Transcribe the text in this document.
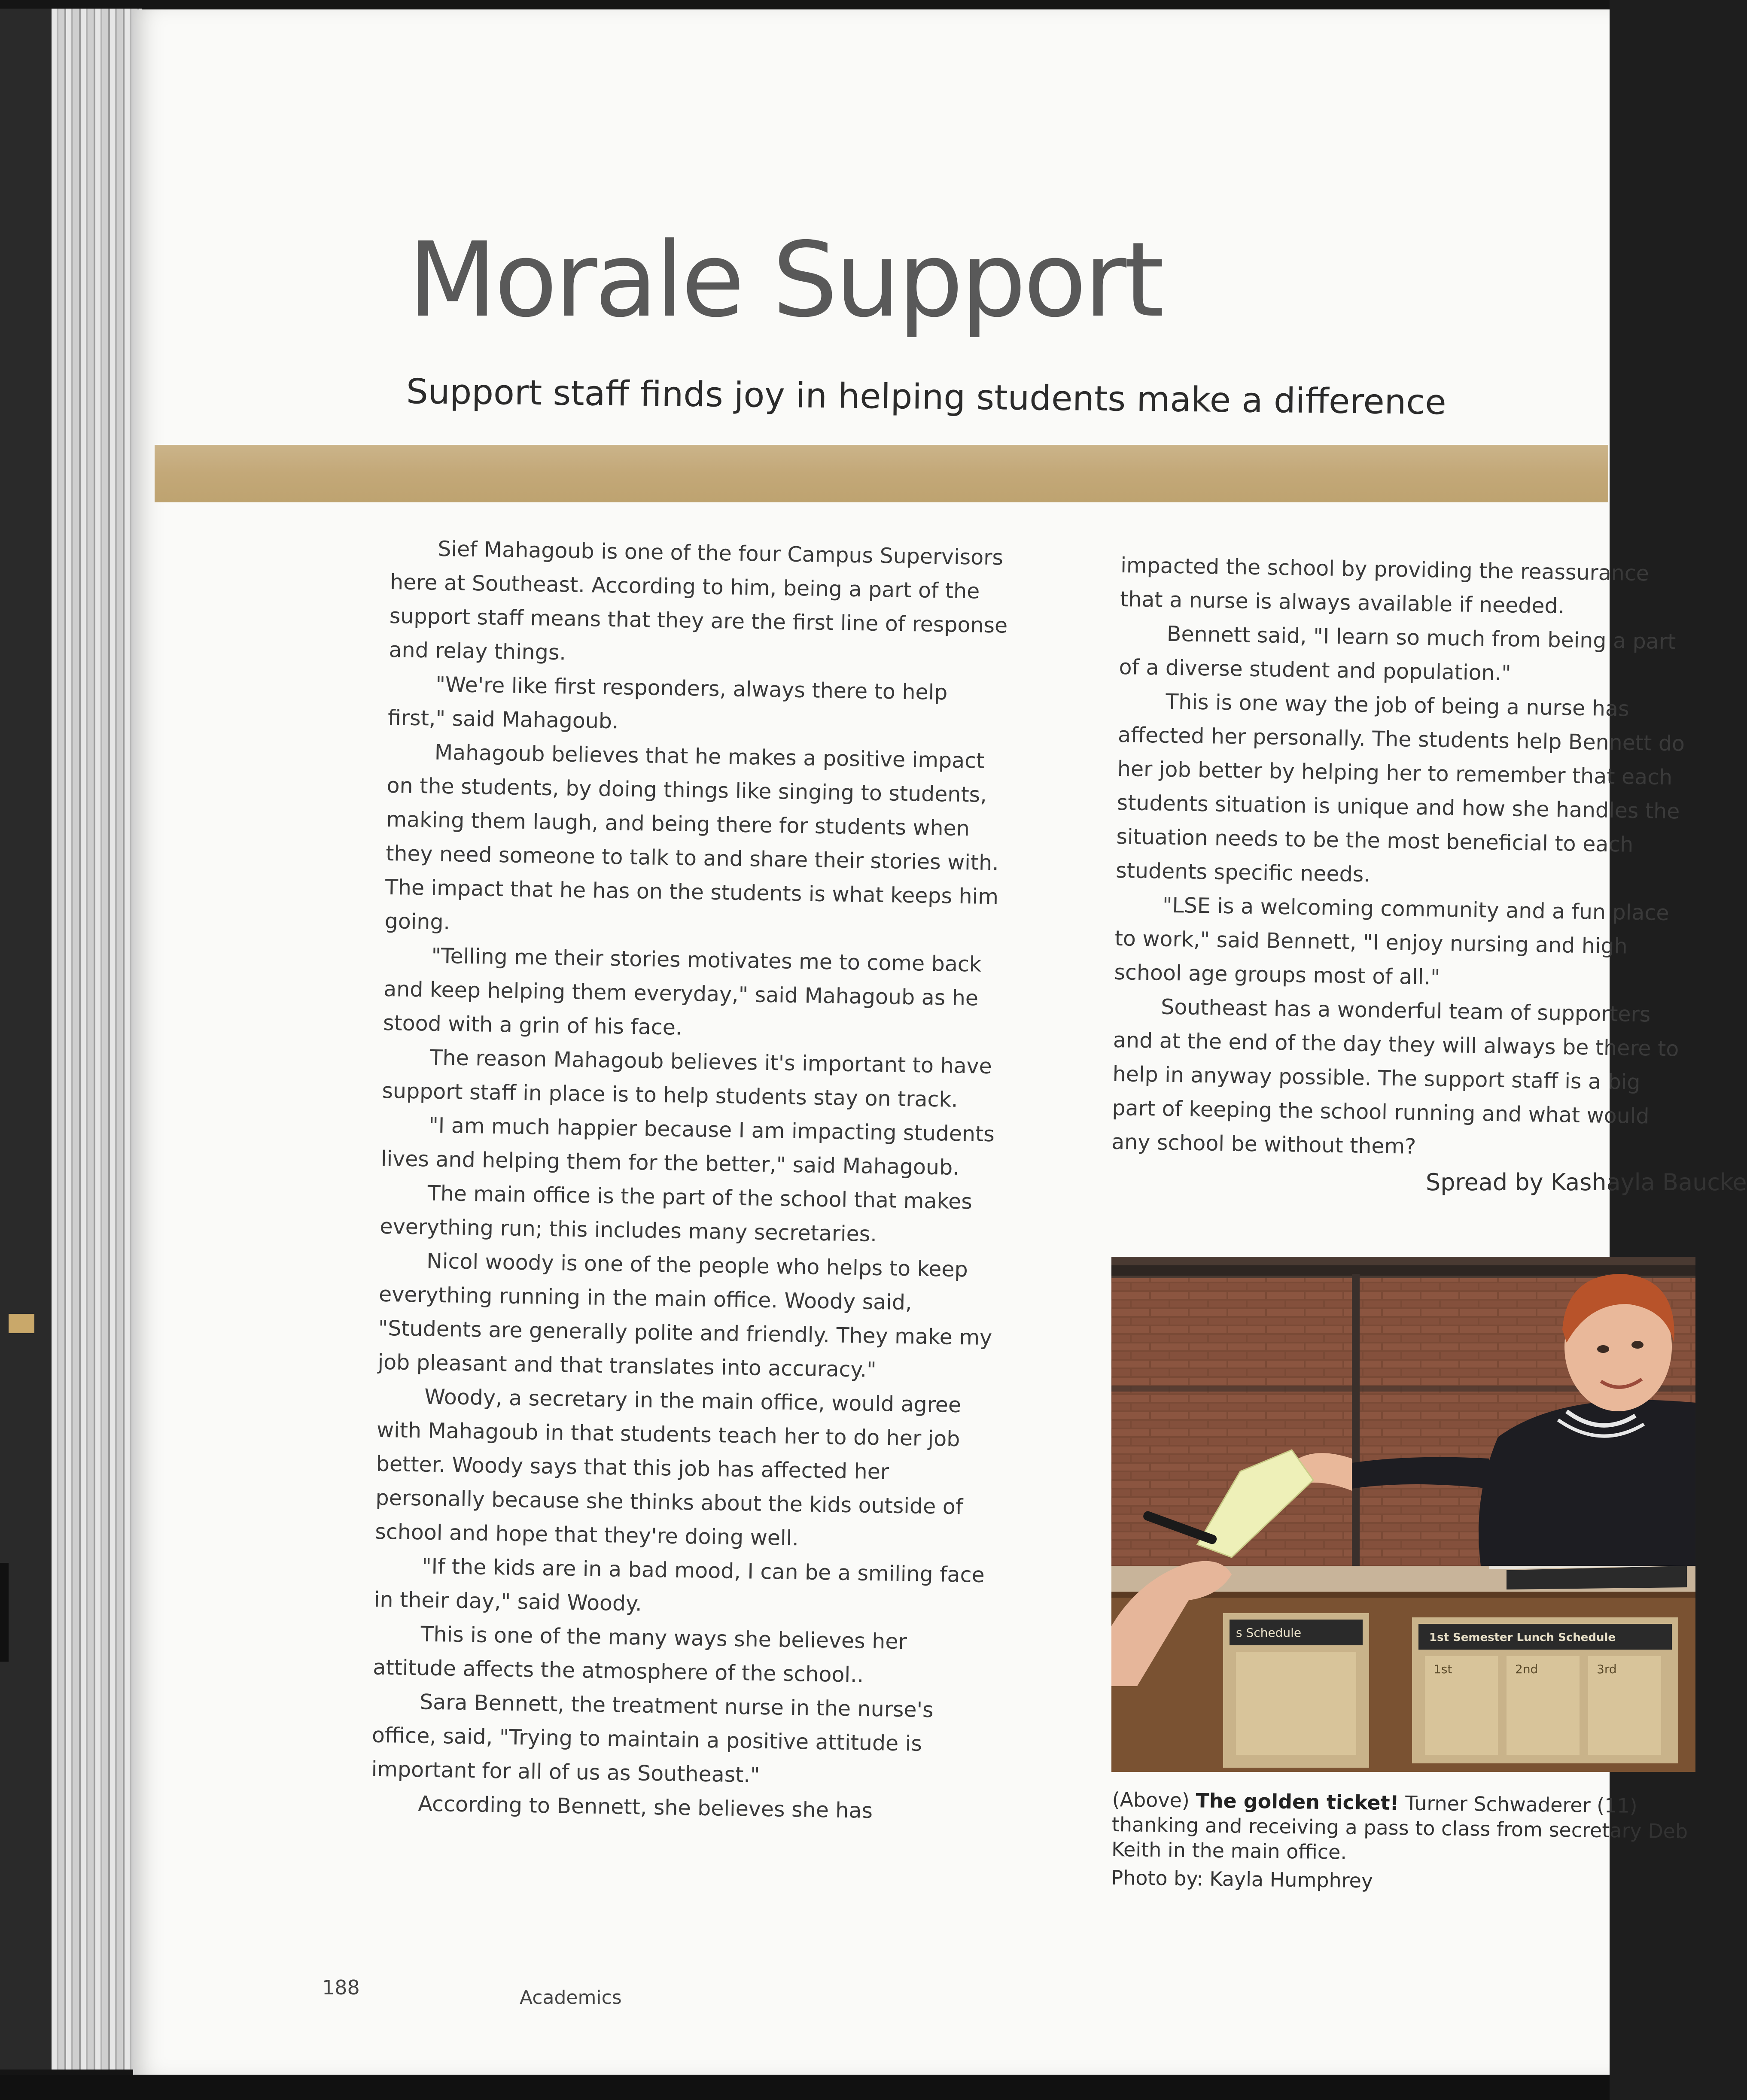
Morale Support
Support staff finds joy in helping students make a difference

Sief Mahagoub is one of the four Campus Supervisors here at Southeast. According to him, being a part of the support staff means that they are the first line of response and relay things.

"We're like first responders, always there to help first," said Mahagoub.

Mahagoub believes that he makes a positive impact on the students, by doing things like singing to students, making them laugh, and being there for students when they need someone to talk to and share their stories with. The impact that he has on the students is what keeps him going.

"Telling me their stories motivates me to come back and keep helping them everyday," said Mahagoub as he stood with a grin of his face.

The reason Mahagoub believes it's important to have support staff in place is to help students stay on track.

"I am much happier because I am impacting students lives and helping them for the better," said Mahagoub.

The main office is the part of the school that makes everything run; this includes many secretaries.

Nicol woody is one of the people who helps to keep everything running in the main office. Woody said, "Students are generally polite and friendly. They make my job pleasant and that translates into accuracy."

Woody, a secretary in the main office, would agree with Mahagoub in that students teach her to do her job better. Woody says that this job has affected her personally because she thinks about the kids outside of school and hope that they're doing well.

"If the kids are in a bad mood, I can be a smiling face in their day," said Woody.

This is one of the many ways she believes her attitude affects the atmosphere of the school..

Sara Bennett, the treatment nurse in the nurse's office, said, "Trying to maintain a positive attitude is important for all of us as Southeast."

According to Bennett, she believes she has

impacted the school by providing the reassurance that a nurse is always available if needed.

Bennett said, "I learn so much from being a part of a diverse student and population."

This is one way the job of being a nurse has affected her personally. The students help Bennett do her job better by helping her to remember that each students situation is unique and how she handles the situation needs to be the most beneficial to each students specific needs.

"LSE is a welcoming community and a fun place to work," said Bennett, "I enjoy nursing and high school age groups most of all."

Southeast has a wonderful team of supporters and at the end of the day they will always be there to help in anyway possible. The support staff is a big part of keeping the school running and what would any school be without them?

Spread by Kashayla Baucke
s Schedule	1st Semester Lunch Schedule
1st	2nd	3rd
(Above) The golden ticket! Turner Schwaderer (11) thanking and receiving a pass to class from secretary Deb Keith in the main office.
Photo by: Kayla Humphrey
188	Academics
